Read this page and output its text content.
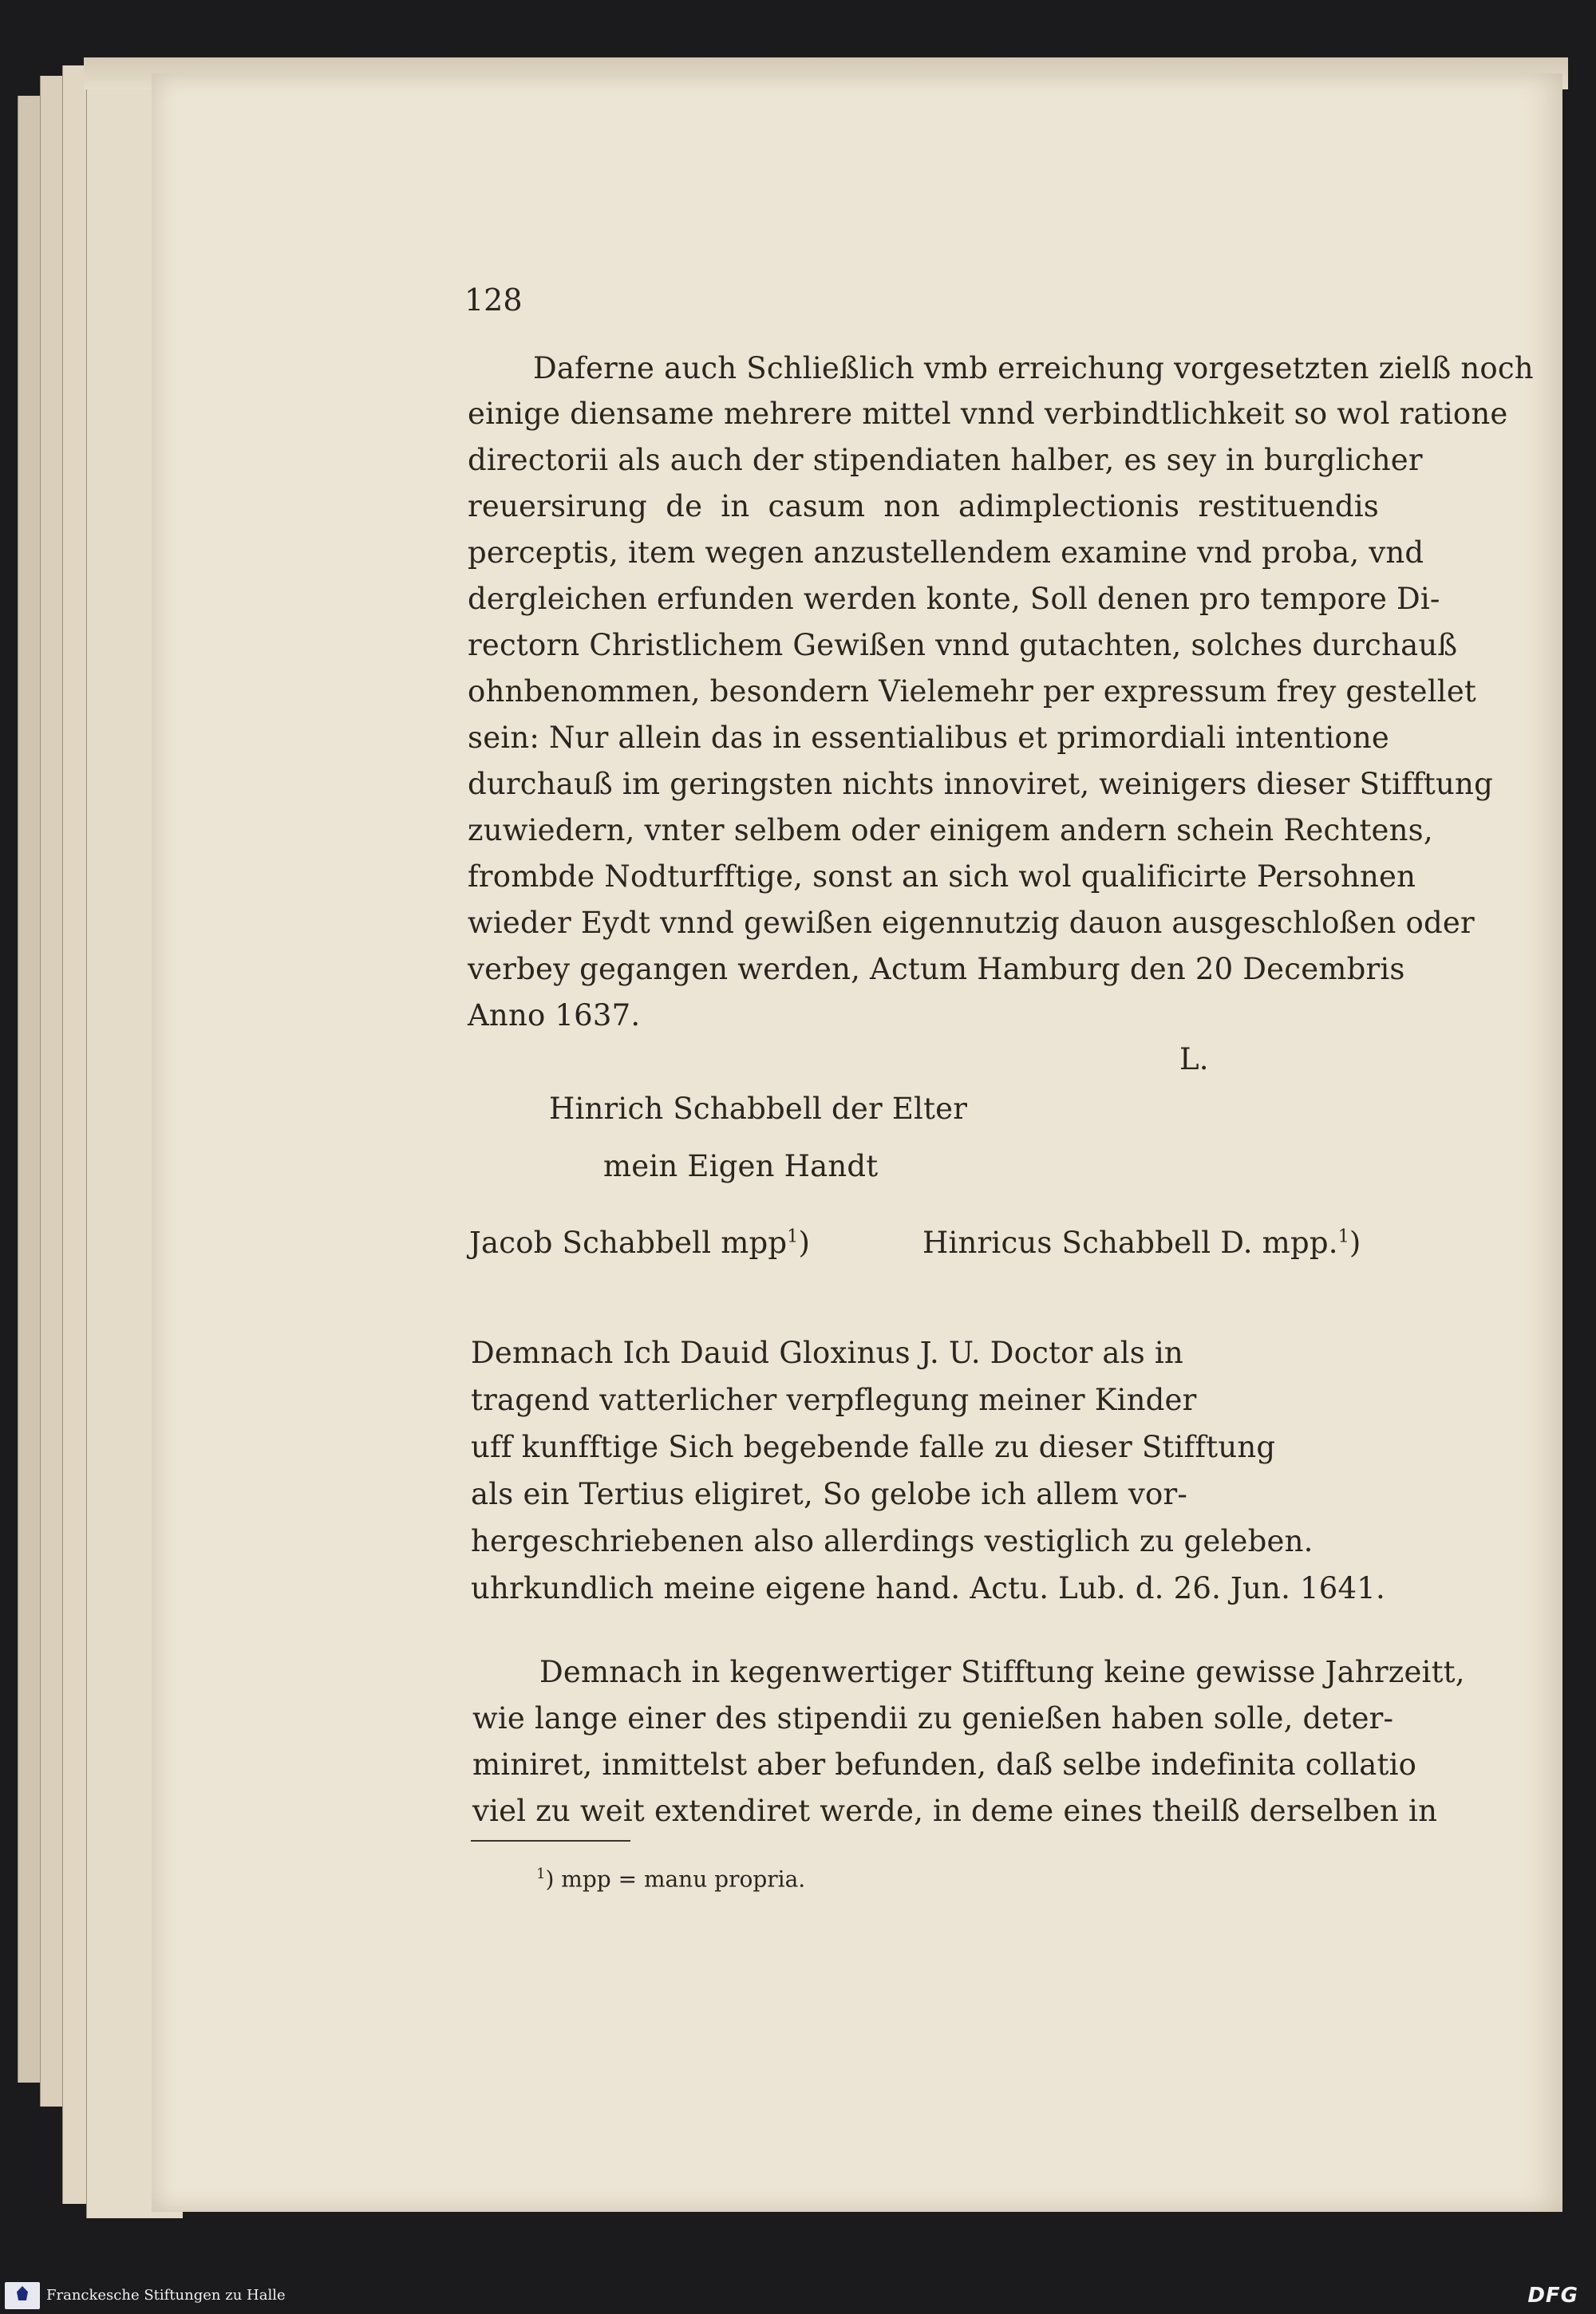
128
Daferne auch Schließlich vmb erreichung vorgesetzten zielß noch
einige diensame mehrere mittel vnnd verbindtlichkeit so wol ratione
directorii als auch der stipendiaten halber, es sey in burglicher
reuersirung de in casum non adimplectionis restituendis
perceptis, item wegen anzustellendem examine vnd proba, vnd
dergleichen erfunden werden konte, Soll denen pro tempore Di-
rectorn Christlichem Gewißen vnnd gutachten, solches durchauß
ohnbenommen, besondern Vielemehr per expressum frey gestellet
sein: Nur allein das in essentialibus et primordiali intentione
durchauß im geringsten nichts innoviret, weinigers dieser Stifftung
zuwiedern, vnter selbem oder einigem andern schein Rechtens,
frombde Nodturfftige, sonst an sich wol qualificirte Persohnen
wieder Eydt vnnd gewißen eigennutzig dauon ausgeschloßen oder
verbey gegangen werden, Actum Hamburg den 20 Decembris
Anno 1637.
L.
Hinrich Schabbell der Elter
mein Eigen Handt
Jacob Schabbell mpp$^1$)	Hinricus Schabbell D. mpp.$^1$)
Demnach Ich Dauid Gloxinus J. U. Doctor als in
tragend vatterlicher verpflegung meiner Kinder
uff kunfftige Sich begebende falle zu dieser Stifftung
als ein Tertius eligiret, So gelobe ich allem vor-
hergeschriebenen also allerdings vestiglich zu geleben.
uhrkundlich meine eigene hand. Actu. Lub. d. 26. Jun. 1641.
Demnach in kegenwertiger Stifftung keine gewisse Jahrzeitt,
wie lange einer des stipendii zu genießen haben solle, deter-
miniret, inmittelst aber befunden, daß selbe indefinita collatio
viel zu weit extendiret werde, in deme eines theilß derselben in
$^1$) mpp = manu propria.
Franckesche Stiftungen zu Halle	DFG
